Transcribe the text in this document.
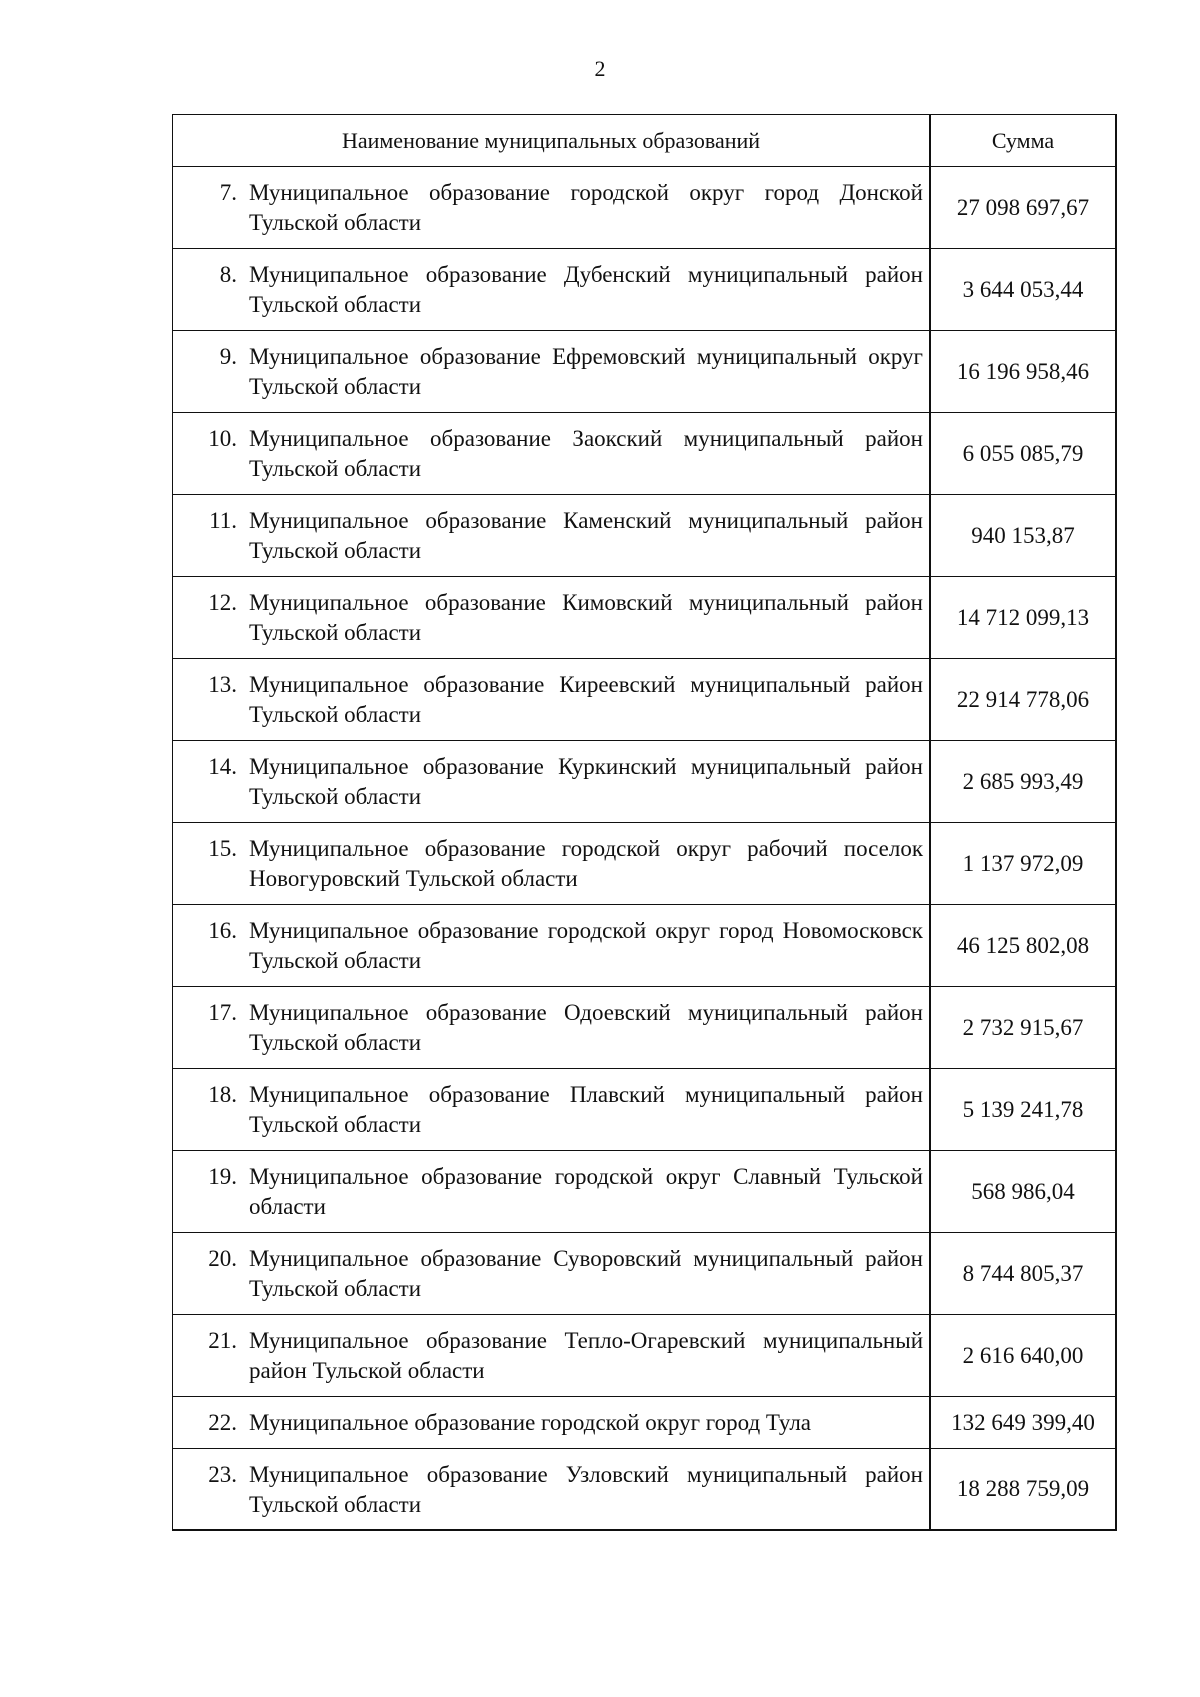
2
Наименование муниципальных образований	Сумма
7. Муниципальное образование городской округ город Донской Тульской области
27 098 697,67
8. Муниципальное образование Дубенский муниципальный район Тульской области
3 644 053,44
9. Муниципальное образование Ефремовский муниципальный округ Тульской области
16 196 958,46
10. Муниципальное образование Заокский муниципальный район Тульской области
6 055 085,79
11. Муниципальное образование Каменский муниципальный район Тульской области
940 153,87
12. Муниципальное образование Кимовский муниципальный район Тульской области
14 712 099,13
13. Муниципальное образование Киреевский муниципальный район Тульской области
22 914 778,06
14. Муниципальное образование Куркинский муниципальный район Тульской области
2 685 993,49
15. Муниципальное образование городской округ рабочий поселок Новогуровский Тульской области
1 137 972,09
16. Муниципальное образование городской округ город Новомосковск Тульской области
46 125 802,08
17. Муниципальное образование Одоевский муниципальный район Тульской области
2 732 915,67
18. Муниципальное образование Плавский муниципальный район Тульской области
5 139 241,78
19. Муниципальное образование городской округ Славный Тульской области
568 986,04
20. Муниципальное образование Суворовский муниципальный район Тульской области
8 744 805,37
21. Муниципальное образование Тепло-Огаревский муниципальный район Тульской области
2 616 640,00
22. Муниципальное образование городской округ город Тула	132 649 399,40
23. Муниципальное образование Узловский муниципальный район Тульской области
18 288 759,09
